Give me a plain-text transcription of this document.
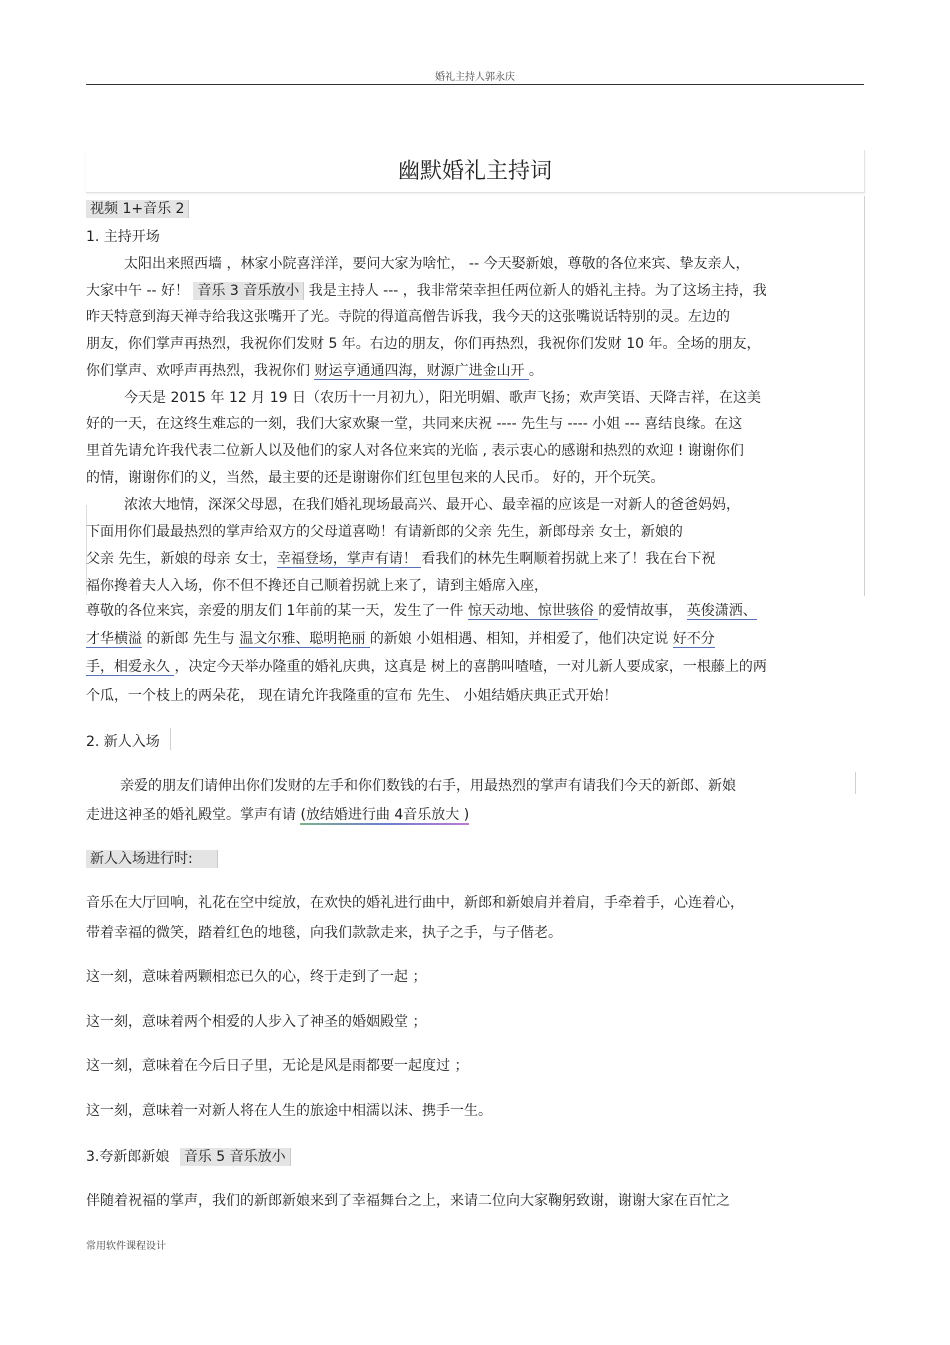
婚礼主持人郭永庆
幽默婚礼主持词
视频 1+音乐 2
1. 主持开场
太阳出来照西墙 ，林家小院喜洋洋，要问大家为啥忙， -- 今天娶新娘，尊敬的各位来宾、挚友亲人，
大家中午 -- 好！ 音乐 3 音乐放小 我是主持人 --- ，我非常荣幸担任两位新人的婚礼主持。为了这场主持，我
昨天特意到海天禅寺给我这张嘴开了光。寺院的得道高僧告诉我，我今天的这张嘴说话特别的灵。左边的
朋友，你们掌声再热烈，我祝你们发财 5 年。右边的朋友，你们再热烈，我祝你们发财 10 年。全场的朋友，
你们掌声、欢呼声再热烈，我祝你们 财运亨通通四海，财源广进金山开 。
今天是 2015 年 12 月 19 日（农历十一月初九），阳光明媚、歌声飞扬；欢声笑语、天降吉祥，在这美
好的一天，在这终生难忘的一刻，我们大家欢聚一堂，共同来庆祝 ---- 先生与 ---- 小姐 --- 喜结良缘。在这
里首先请允许我代表二位新人以及他们的家人对各位来宾的光临 , 表示衷心的感谢和热烈的欢迎 ! 谢谢你们
的情，谢谢你们的义，当然，最主要的还是谢谢你们红包里包来的人民币。 好的，开个玩笑。
浓浓大地情，深深父母恩，在我们婚礼现场最高兴、最开心、最幸福的应该是一对新人的爸爸妈妈，
下面用你们最最热烈的掌声给双方的父母道喜呦！有请新郎的父亲 先生，新郎母亲 女士，新娘的
父亲 先生，新娘的母亲 女士，幸福登场，掌声有请！ 看我们的林先生啊顺着拐就上来了！我在台下祝
福你搀着夫人入场，你不但不搀还自己顺着拐就上来了，请到主婚席入座，
尊敬的各位来宾，亲爱的朋友们 1年前的某一天，发生了一件 惊天动地、惊世骇俗 的爱情故事， 英俊潇洒、
才华横溢 的新郎 先生与 温文尔雅、聪明艳丽 的新娘 小姐相遇、相知，并相爱了，他们决定说 好不分
手，相爱永久 ，决定今天举办隆重的婚礼庆典，这真是 树上的喜鹊叫喳喳，一对儿新人要成家，一根藤上的两
个瓜，一个枝上的两朵花， 现在请允许我隆重的宣布 先生、 小姐结婚庆典正式开始！
2. 新人入场
亲爱的朋友们请伸出你们发财的左手和你们数钱的右手，用最热烈的掌声有请我们今天的新郎、新娘
走进这神圣的婚礼殿堂。掌声有请 (放结婚进行曲 4音乐放大 )
新人入场进行时:
音乐在大厅回响，礼花在空中绽放，在欢快的婚礼进行曲中，新郎和新娘肩并着肩，手牵着手，心连着心，
带着幸福的微笑，踏着红色的地毯，向我们款款走来，执子之手，与子偕老。
这一刻，意味着两颗相恋已久的心，终于走到了一起 ；
这一刻，意味着两个相爱的人步入了神圣的婚姻殿堂 ；
这一刻，意味着在今后日子里，无论是风是雨都要一起度过 ；
这一刻，意味着一对新人将在人生的旅途中相濡以沫、携手一生。
3.夸新郎新娘 音乐 5 音乐放小
伴随着祝福的掌声，我们的新郎新娘来到了幸福舞台之上，来请二位向大家鞠躬致谢，谢谢大家在百忙之
常用软件课程设计
